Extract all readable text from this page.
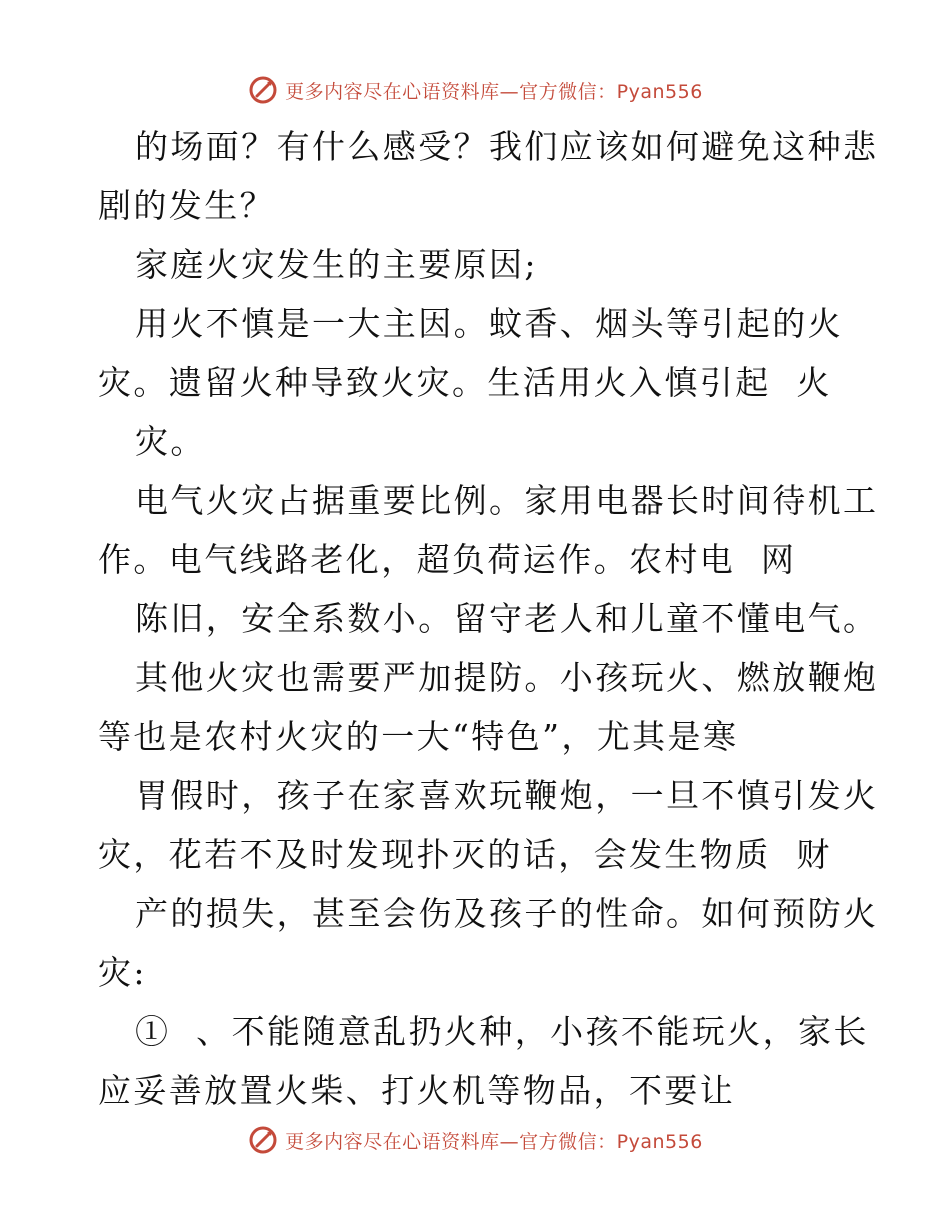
更多内容尽在心语资料库—官方微信：Pyan556
的场面？有什么感受？我们应该如何避免这种悲
剧的发生？
家庭火灾发生的主要原因;
用火不慎是一大主因。蚊香、烟头等引起的火
灾。遗留火种导致火灾。生活用火入慎引起  火
灾。
电气火灾占据重要比例。家用电器长时间待机工
作。电气线路老化，超负荷运作。农村电  网
陈旧，安全系数小。留守老人和儿童不懂电气。
其他火灾也需要严加提防。小孩玩火、燃放鞭炮
等也是农村火灾的一大“特色”，尤其是寒
胃假时，孩子在家喜欢玩鞭炮，一旦不慎引发火
灾，花若不及时发现扑灭的话，会发生物质  财
产的损失，甚至会伤及孩子的性命。如何预防火
灾:
①  、不能随意乱扔火种，小孩不能玩火，家长
应妥善放置火柴、打火机等物品，不要让
更多内容尽在心语资料库—官方微信：Pyan556
